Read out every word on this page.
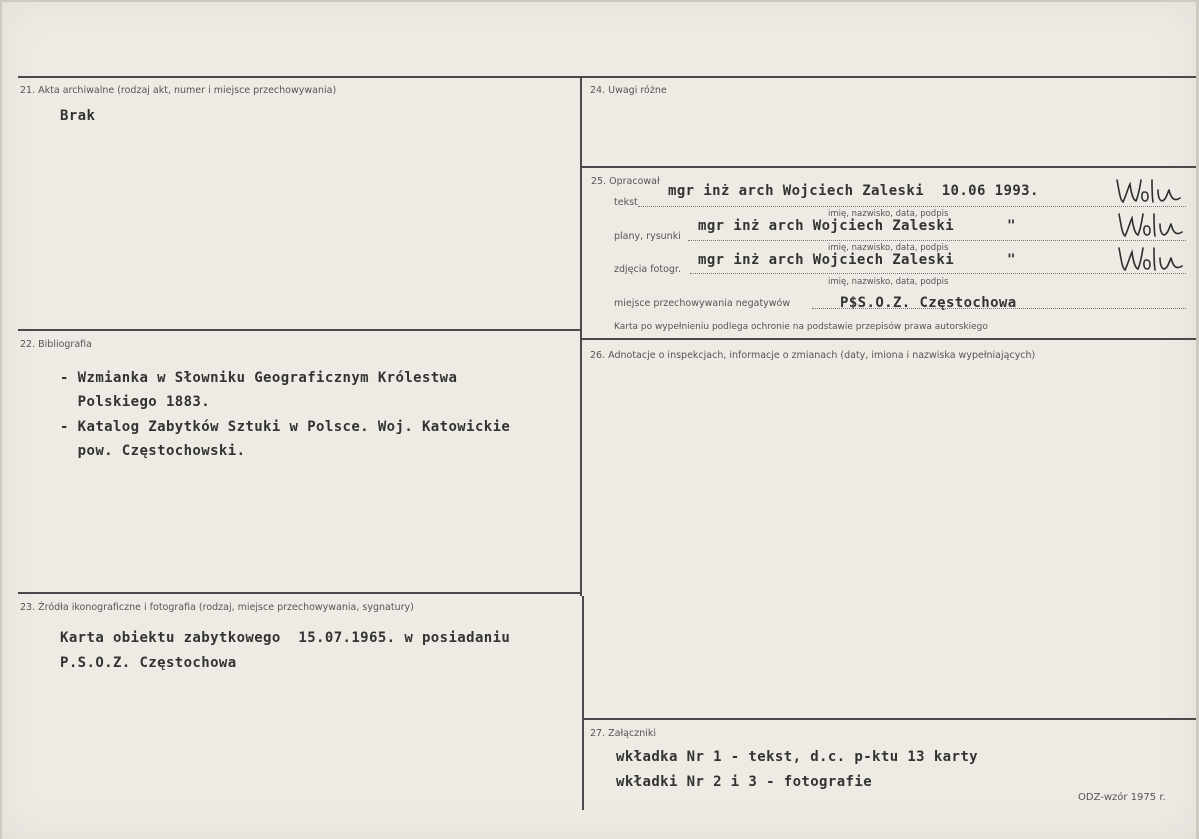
21. Akta archiwalne (rodzaj akt, numer i miejsce przechowywania)
Brak
22. Bibliografia
- Wzmianka w Słowniku Geograficznym Królestwa
Polskiego 1883.
- Katalog Zabytków Sztuki w Polsce. Woj. Katowickie
pow. Częstochowski.
23. Źródła ikonograficzne i fotografia (rodzaj, miejsce przechowywania, sygnatury)
Karta obiektu zabytkowego  15.07.1965. w posiadaniu
P.S.O.Z. Częstochowa
24. Uwagi różne
25. Opracował
tekst
mgr inż arch Wojciech Zaleski  10.06 1993.
imię, nazwisko, data, podpis
plany, rysunki
mgr inż arch Wojciech Zaleski      "
imię, nazwisko, data, podpis
zdjęcia fotogr.
mgr inż arch Wojciech Zaleski      "
imię, nazwisko, data, podpis
miejsce przechowywania negatywów	P$S.O.Z. Częstochowa
Karta po wypełnieniu podlega ochronie na podstawie przepisów prawa autorskiego
26. Adnotacje o inspekcjach, informacje o zmianach (daty, imiona i nazwiska wypełniających)
27. Załączniki
wkładka Nr 1 - tekst, d.c. p-ktu 13 karty
wkładki Nr 2 i 3 - fotografie
ODZ-wzór 1975 r.
